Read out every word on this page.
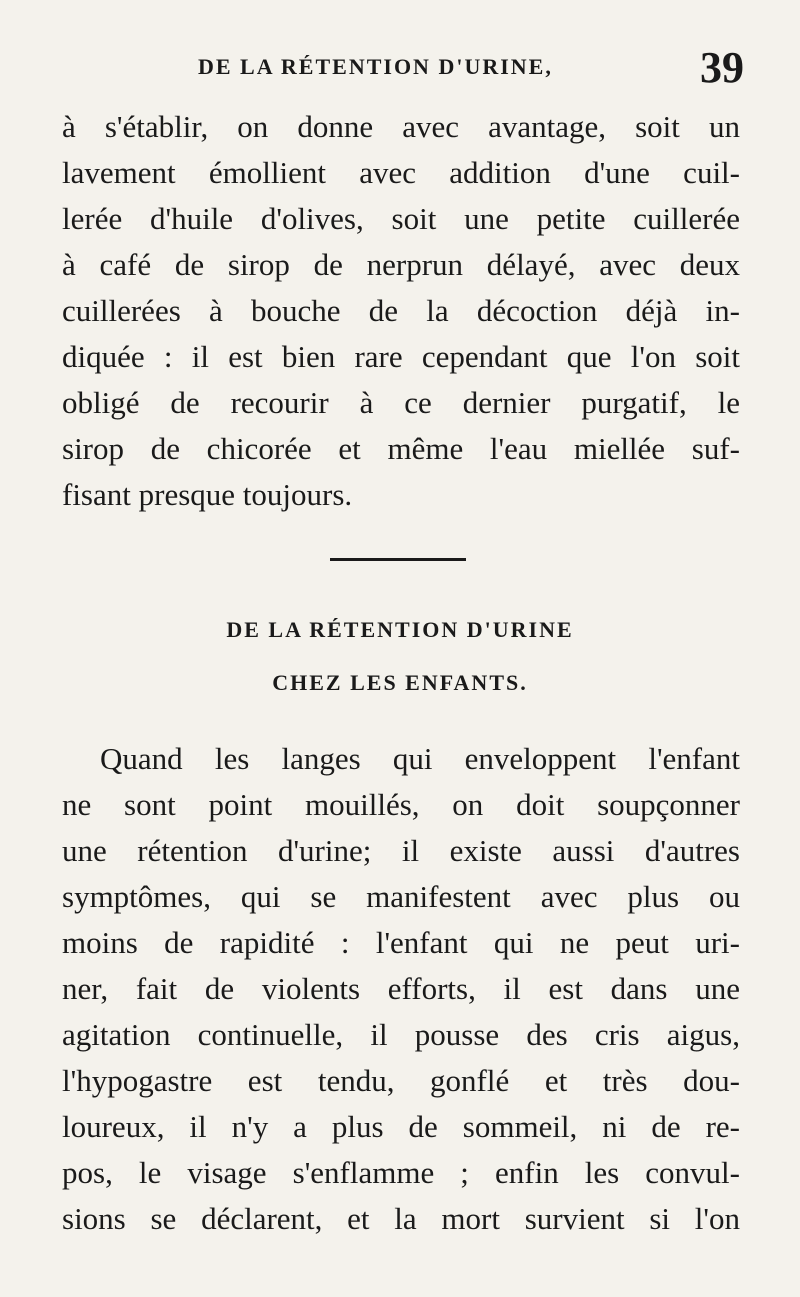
DE LA RÉTENTION D'URINE,	39
à s'établir, on donne avec avantage, soit un
lavement émollient avec addition d'une cuil-
lerée d'huile d'olives, soit une petite cuillerée
à café de sirop de nerprun délayé, avec deux
cuillerées à bouche de la décoction déjà in-
diquée : il est bien rare cependant que l'on soit
obligé de recourir à ce dernier purgatif, le
sirop de chicorée et même l'eau miellée suf-
fisant presque toujours.
DE LA RÉTENTION D'URINE
CHEZ LES ENFANTS.
Quand les langes qui enveloppent l'enfant
ne sont point mouillés, on doit soupçonner
une rétention d'urine; il existe aussi d'autres
symptômes, qui se manifestent avec plus ou
moins de rapidité : l'enfant qui ne peut uri-
ner, fait de violents efforts, il est dans une
agitation continuelle, il pousse des cris aigus,
l'hypogastre est tendu, gonflé et très dou-
loureux, il n'y a plus de sommeil, ni de re-
pos, le visage s'enflamme ; enfin les convul-
sions se déclarent, et la mort survient si l'on
